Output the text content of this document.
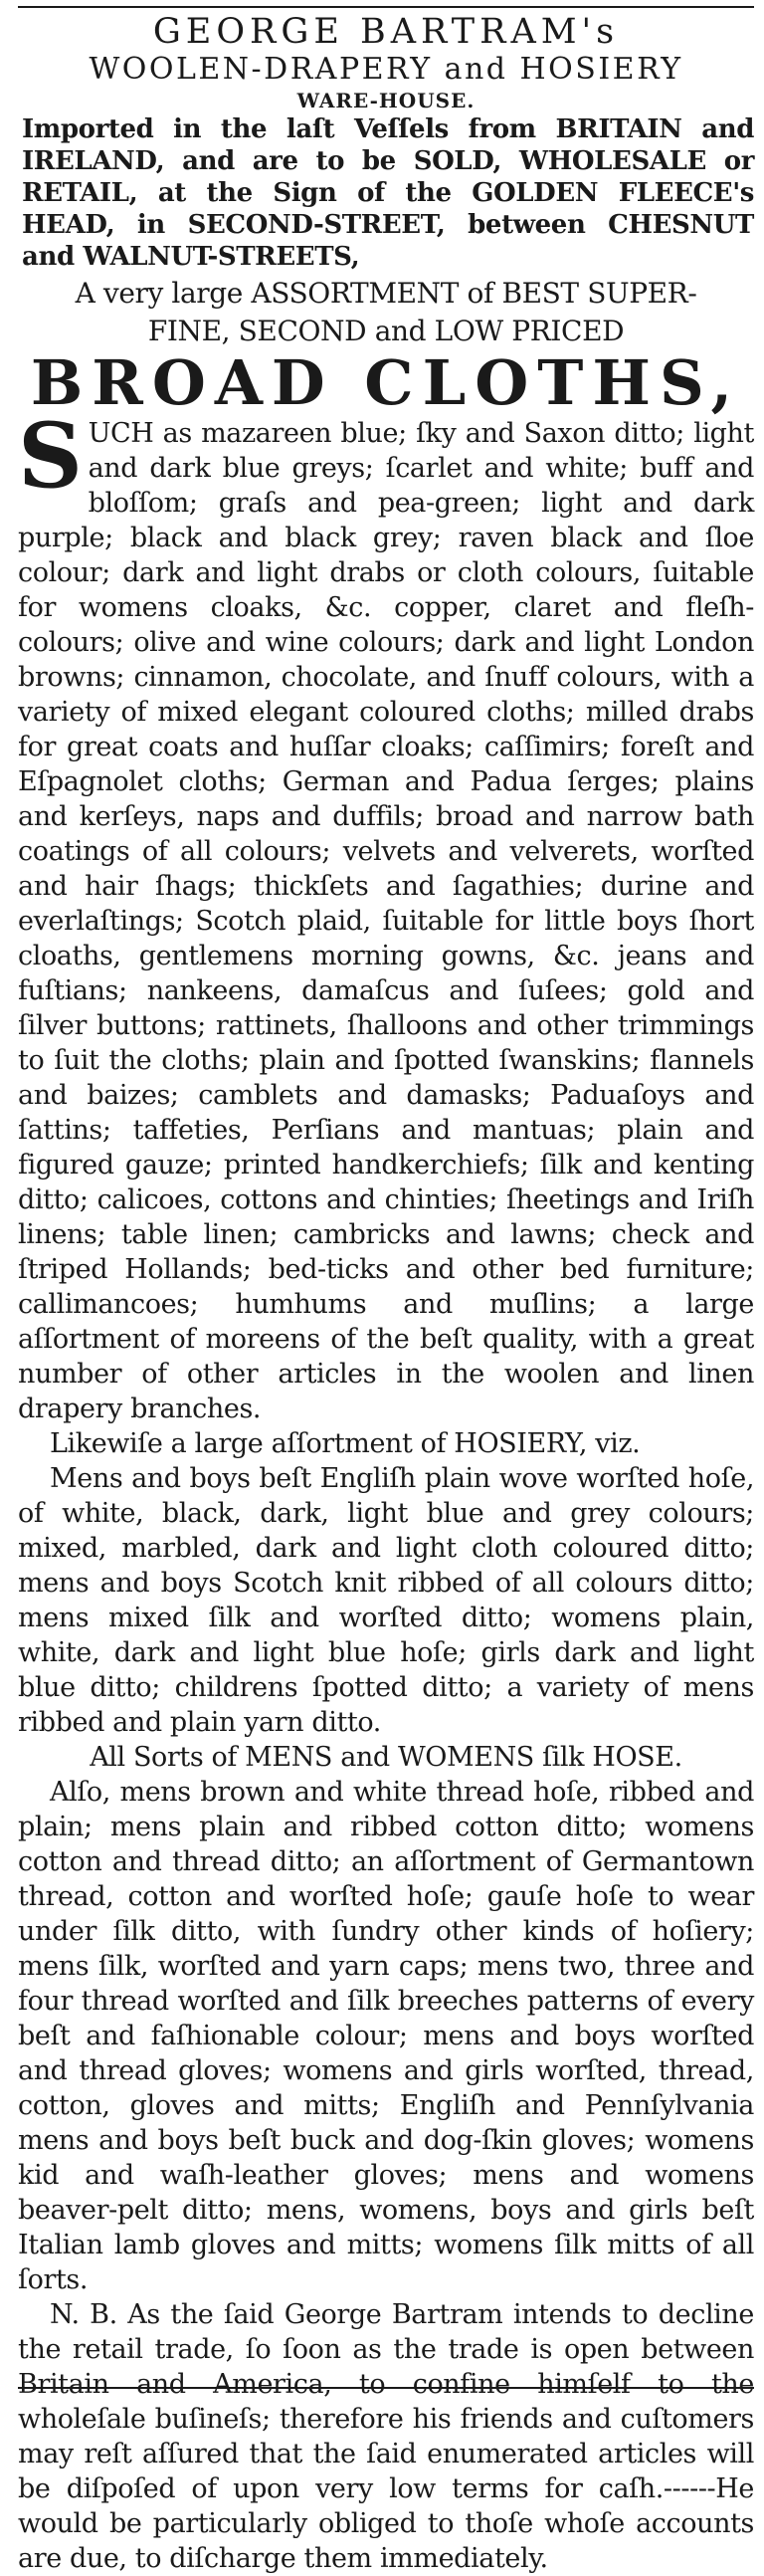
GEORGE BARTRAM's
WOOLEN-DRAPERY and HOSIERY
WARE-HOUSE.

Imported in the laſt Veſſels from BRITAIN and IRELAND, and are to be SOLD, WHOLESALE or RETAIL, at the Sign of the GOLDEN FLEECE's HEAD, in SECOND-STREET, between CHESNUT and WALNUT-STREETS,

A very large ASSORTMENT of BEST SUPER-
FINE, SECOND and LOW PRICED
BROAD CLOTHS,

SUCH as mazareen blue; ſky and Saxon ditto; light and dark blue greys; ſcarlet and white; buff and bloſſom; graſs and pea-green; light and dark purple; black and black grey; raven black and ſloe colour; dark and light drabs or cloth colours, ſuitable for womens cloaks, &c. copper, claret and fleſh-colours; olive and wine colours; dark and light London browns; cinnamon, chocolate, and ſnuff colours, with a variety of mixed elegant coloured cloths; milled drabs for great coats and huſſar cloaks; caſſimirs; foreſt and Eſpagnolet cloths; German and Padua ſerges; plains and kerſeys, naps and duffils; broad and narrow bath coatings of all colours; velvets and velverets, worſted and hair ſhags; thickſets and ſagathies; durine and everlaſtings; Scotch plaid, ſuitable for little boys ſhort cloaths, gentlemens morning gowns, &c. jeans and fuſtians; nankeens, damaſcus and ſuſees; gold and ſilver buttons; rattinets, ſhalloons and other trimmings to ſuit the cloths; plain and ſpotted ſwanskins; flannels and baizes; camblets and damasks; Paduaſoys and ſattins; taffeties, Perſians and mantuas; plain and figured gauze; printed handkerchiefs; ſilk and kenting ditto; calicoes, cottons and chinties; ſheetings and Iriſh linens; table linen; cambricks and lawns; check and ſtriped Hollands; bed-ticks and other bed furniture; callimancoes; humhums and muſlins; a large aſſortment of moreens of the beſt quality, with a great number of other articles in the woolen and linen drapery branches.

Likewiſe a large aſſortment of HOSIERY, viz.

Mens and boys beſt Engliſh plain wove worſted hoſe, of white, black, dark, light blue and grey colours; mixed, marbled, dark and light cloth coloured ditto; mens and boys Scotch knit ribbed of all colours ditto; mens mixed ſilk and worſted ditto; womens plain, white, dark and light blue hoſe; girls dark and light blue ditto; childrens ſpotted ditto; a variety of mens ribbed and plain yarn ditto.

All Sorts of MENS and WOMENS ſilk HOSE.

Alſo, mens brown and white thread hoſe, ribbed and plain; mens plain and ribbed cotton ditto; womens cotton and thread ditto; an aſſortment of Germantown thread, cotton and worſted hoſe; gauſe hoſe to wear under ſilk ditto, with ſundry other kinds of hoſiery; mens ſilk, worſted and yarn caps; mens two, three and four thread worſted and ſilk breeches patterns of every beſt and faſhionable colour; mens and boys worſted and thread gloves; womens and girls worſted, thread, cotton, gloves and mitts; Engliſh and Pennſylvania mens and boys beſt buck and dog-ſkin gloves; womens kid and waſh-leather gloves; mens and womens beaver-pelt ditto; mens, womens, boys and girls beſt Italian lamb gloves and mitts; womens ſilk mitts of all ſorts.

N. B. As the ſaid George Bartram intends to decline the retail trade, ſo ſoon as the trade is open between Britain and America, to confine himſelf to the wholeſale buſineſs; therefore his friends and cuſtomers may reſt aſſured that the ſaid enumerated articles will be diſpoſed of upon very low terms for caſh.------He would be particularly obliged to thoſe whoſe accounts are due, to diſcharge them immediately.
